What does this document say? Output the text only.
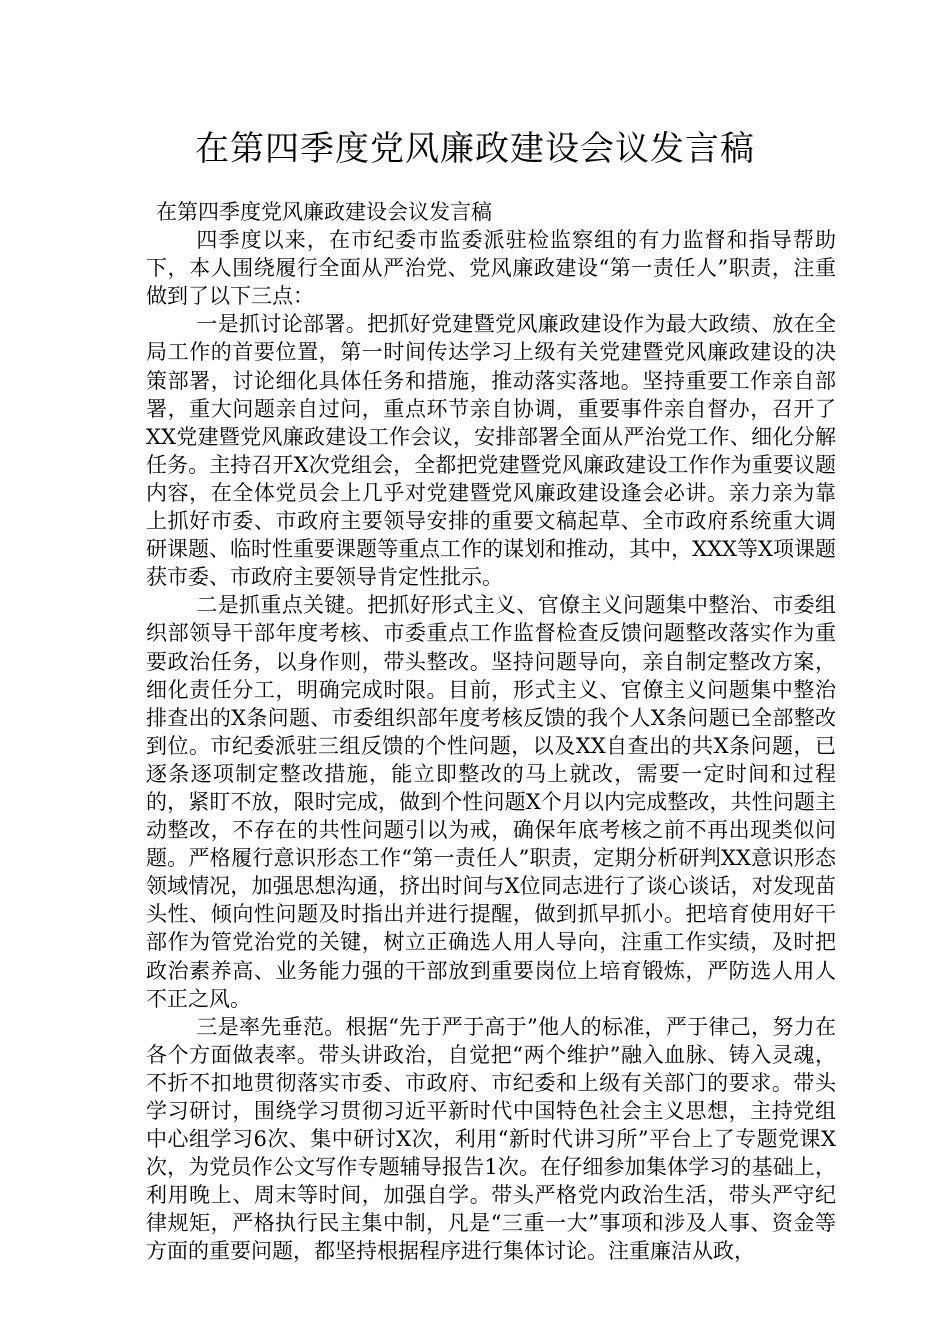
在第四季度党风廉政建设会议发言稿

在第四季度党风廉政建设会议发言稿

四季度以来，在市纪委市监委派驻检监察组的有力监督和指导帮助下，本人围绕履行全面从严治党、党风廉政建设“第一责任人”职责，注重做到了以下三点：

一是抓讨论部署。把抓好党建暨党风廉政建设作为最大政绩、放在全局工作的首要位置，第一时间传达学习上级有关党建暨党风廉政建设的决策部署，讨论细化具体任务和措施，推动落实落地。坚持重要工作亲自部署，重大问题亲自过问，重点环节亲自协调，重要事件亲自督办，召开了XX党建暨党风廉政建设工作会议，安排部署全面从严治党工作、细化分解任务。主持召开X次党组会，全都把党建暨党风廉政建设工作作为重要议题内容，在全体党员会上几乎对党建暨党风廉政建设逢会必讲。亲力亲为靠上抓好市委、市政府主要领导安排的重要文稿起草、全市政府系统重大调研课题、临时性重要课题等重点工作的谋划和推动，其中，XXX等X项课题获市委、市政府主要领导肯定性批示。

二是抓重点关键。把抓好形式主义、官僚主义问题集中整治、市委组织部领导干部年度考核、市委重点工作监督检查反馈问题整改落实作为重要政治任务，以身作则，带头整改。坚持问题导向，亲自制定整改方案，细化责任分工，明确完成时限。目前，形式主义、官僚主义问题集中整治排查出的X条问题、市委组织部年度考核反馈的我个人X条问题已全部整改到位。市纪委派驻三组反馈的个性问题，以及XX自查出的共X条问题，已逐条逐项制定整改措施，能立即整改的马上就改，需要一定时间和过程的，紧盯不放，限时完成，做到个性问题X个月以内完成整改，共性问题主动整改，不存在的共性问题引以为戒，确保年底考核之前不再出现类似问题。严格履行意识形态工作“第一责任人”职责，定期分析研判XX意识形态领域情况，加强思想沟通，挤出时间与X位同志进行了谈心谈话，对发现苗头性、倾向性问题及时指出并进行提醒，做到抓早抓小。把培育使用好干部作为管党治党的关键，树立正确选人用人导向，注重工作实绩，及时把政治素养高、业务能力强的干部放到重要岗位上培育锻炼，严防选人用人不正之风。

三是率先垂范。根据“先于严于高于”他人的标准，严于律己，努力在各个方面做表率。带头讲政治，自觉把“两个维护”融入血脉、铸入灵魂，不折不扣地贯彻落实市委、市政府、市纪委和上级有关部门的要求。带头学习研讨，围绕学习贯彻习近平新时代中国特色社会主义思想，主持党组中心组学习6次、集中研讨X次，利用“新时代讲习所”平台上了专题党课X次，为党员作公文写作专题辅导报告1次。在仔细参加集体学习的基础上，利用晚上、周末等时间，加强自学。带头严格党内政治生活，带头严守纪律规矩，严格执行民主集中制，凡是“三重一大”事项和涉及人事、资金等方面的重要问题，都坚持根据程序进行集体讨论。注重廉洁从政，
